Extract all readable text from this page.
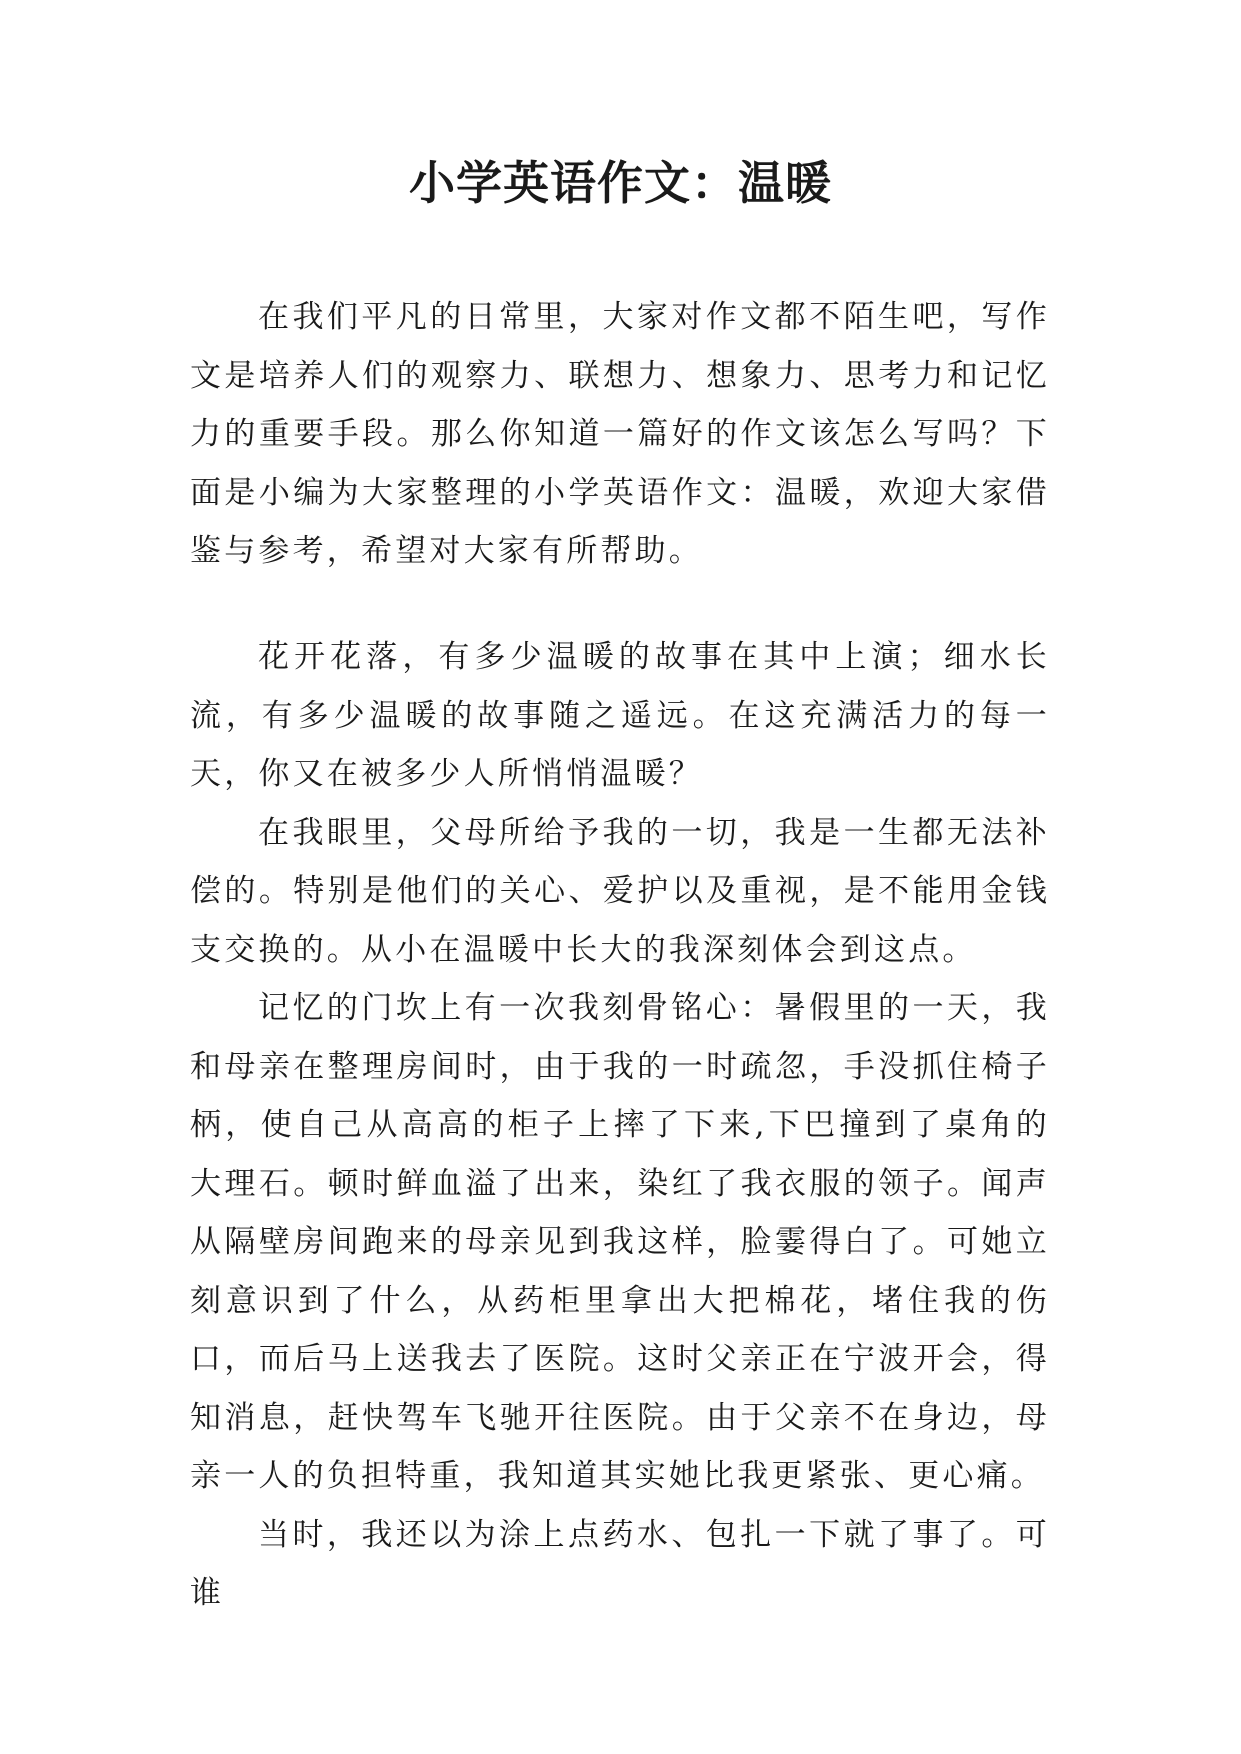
小学英语作文：温暖

在我们平凡的日常里，大家对作文都不陌生吧，写作文是培养人们的观察力、联想力、想象力、思考力和记忆力的重要手段。那么你知道一篇好的作文该怎么写吗？下面是小编为大家整理的小学英语作文：温暖，欢迎大家借鉴与参考，希望对大家有所帮助。

花开花落，有多少温暖的故事在其中上演；细水长流，有多少温暖的故事随之遥远。在这充满活力的每一天，你又在被多少人所悄悄温暖？

在我眼里，父母所给予我的一切，我是一生都无法补偿的。特别是他们的关心、爱护以及重视，是不能用金钱支交换的。从小在温暖中长大的我深刻体会到这点。

记忆的门坎上有一次我刻骨铭心：暑假里的一天，我和母亲在整理房间时，由于我的一时疏忽，手没抓住椅子柄，使自己从高高的柜子上摔了下来,下巴撞到了桌角的大理石。顿时鲜血溢了出来，染红了我衣服的领子。闻声从隔壁房间跑来的母亲见到我这样，脸霎得白了。可她立刻意识到了什么，从药柜里拿出大把棉花，堵住我的伤口，而后马上送我去了医院。这时父亲正在宁波开会，得知消息，赶快驾车飞驰开往医院。由于父亲不在身边，母亲一人的负担特重，我知道其实她比我更紧张、更心痛。

当时，我还以为涂上点药水、包扎一下就了事了。可谁
